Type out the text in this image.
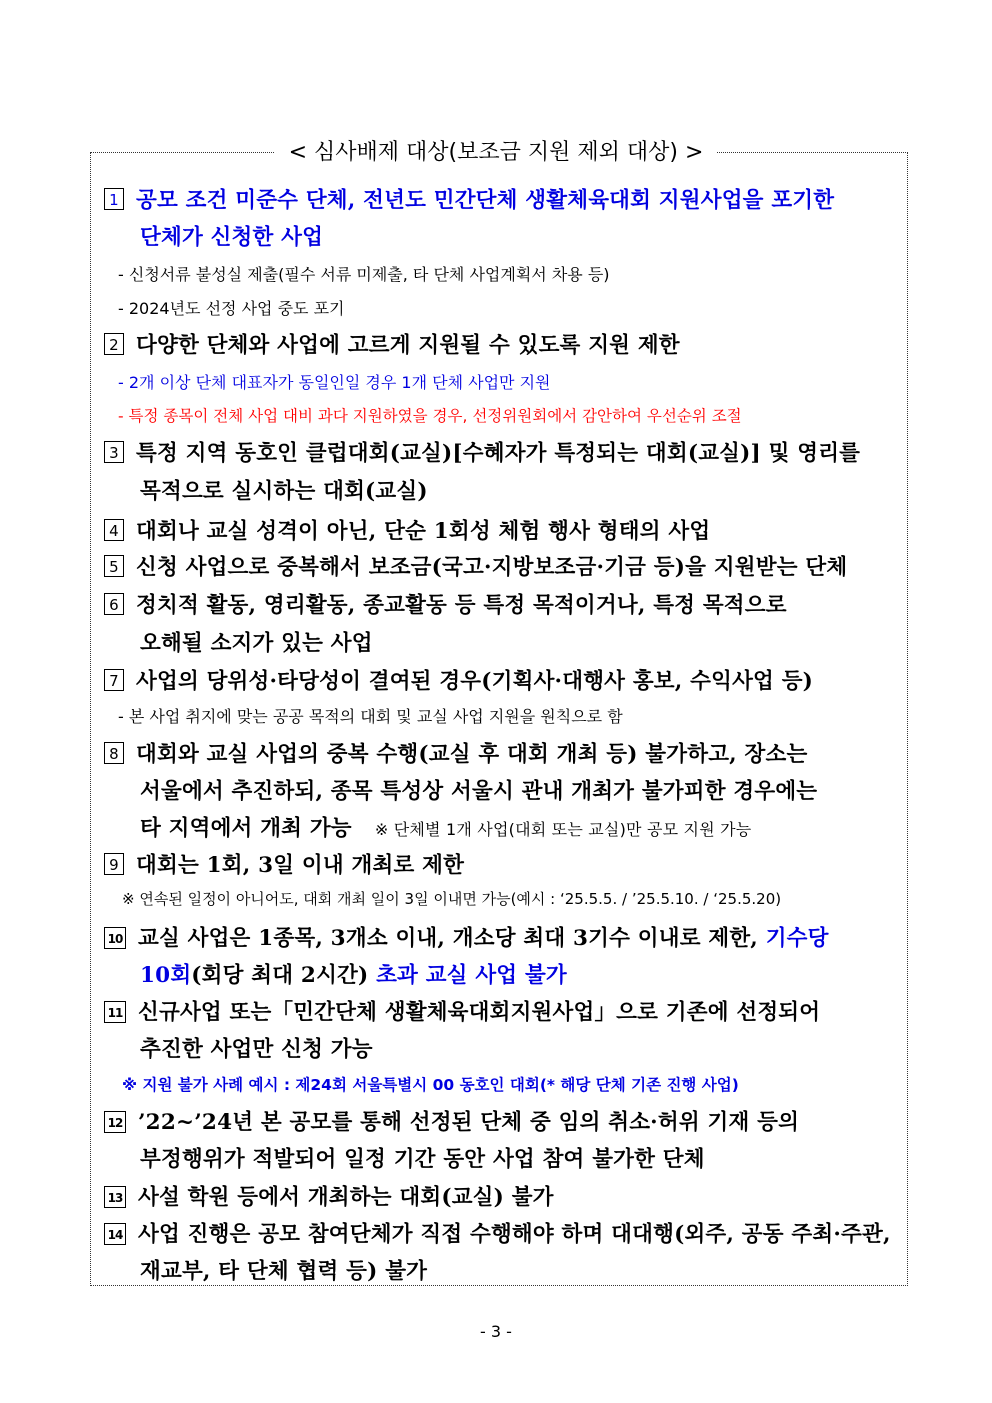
< 심사배제 대상(보조금 지원 제외 대상) >
1 공모 조건 미준수 단체, 전년도 민간단체 생활체육대회 지원사업을 포기한
단체가 신청한 사업
- 신청서류 불성실 제출(필수 서류 미제출, 타 단체 사업계획서 차용 등)
- 2024년도 선정 사업 중도 포기
2 다양한 단체와 사업에 고르게 지원될 수 있도록 지원 제한
- 2개 이상 단체 대표자가 동일인일 경우 1개 단체 사업만 지원
- 특정 종목이 전체 사업 대비 과다 지원하였을 경우, 선정위원회에서 감안하여 우선순위 조절
3 특정 지역 동호인 클럽대회(교실)[수혜자가 특정되는 대회(교실)] 및 영리를
목적으로 실시하는 대회(교실)
4 대회나 교실 성격이 아닌, 단순 1회성 체험 행사 형태의 사업
5 신청 사업으로 중복해서 보조금(국고·지방보조금·기금 등)을 지원받는 단체
6 정치적 활동, 영리활동, 종교활동 등 특정 목적이거나, 특정 목적으로
오해될 소지가 있는 사업
7 사업의 당위성·타당성이 결여된 경우(기획사·대행사 홍보, 수익사업 등)
- 본 사업 취지에 맞는 공공 목적의 대회 및 교실 사업 지원을 원칙으로 함
8 대회와 교실 사업의 중복 수행(교실 후 대회 개최 등) 불가하고, 장소는
서울에서 추진하되, 종목 특성상 서울시 관내 개최가 불가피한 경우에는
타 지역에서 개최 가능 ※ 단체별 1개 사업(대회 또는 교실)만 공모 지원 가능
9 대회는 1회, 3일 이내 개최로 제한
※ 연속된 일정이 아니어도, 대회 개최 일이 3일 이내면 가능(예시 : ‘25.5.5. / ’25.5.10. / ‘25.5.20)
10 교실 사업은 1종목, 3개소 이내, 개소당 최대 3기수 이내로 제한, 기수당
10회(회당 최대 2시간) 초과 교실 사업 불가
11 신규사업 또는「민간단체 생활체육대회지원사업」으로 기존에 선정되어
추진한 사업만 신청 가능
※ 지원 불가 사례 예시 : 제24회 서울특별시 00 동호인 대회(* 해당 단체 기존 진행 사업)
12 ’22~’24년 본 공모를 통해 선정된 단체 중 임의 취소·허위 기재 등의
부정행위가 적발되어 일정 기간 동안 사업 참여 불가한 단체
13 사설 학원 등에서 개최하는 대회(교실) 불가
14 사업 진행은 공모 참여단체가 직접 수행해야 하며 대대행(외주, 공동 주최·주관,
재교부, 타 단체 협력 등) 불가
- 3 -
